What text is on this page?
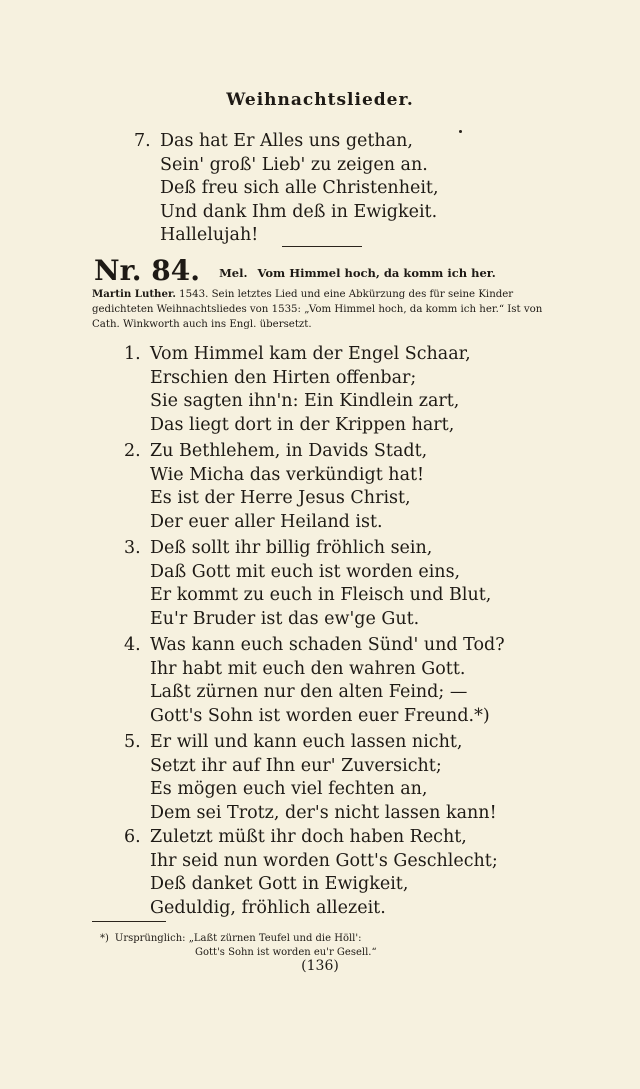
Weihnachtslieder.
7. Das hat Er Alles uns gethan,
Sein' groß' Lieb' zu zeigen an.
Deß freu sich alle Christenheit,
Und dank Ihm deß in Ewigkeit.
Hallelujah!
Nr. 84. Mel. Vom Himmel hoch, da komm ich her.
Martin Luther. 1543. Sein letztes Lied und eine Abkürzung des für seine Kinder gedichteten Weihnachtsliedes von 1535: „Vom Himmel hoch, da komm ich her.“ Ist von Cath. Winkworth auch ins Engl. übersetzt.
1. Vom Himmel kam der Engel Schaar,
Erschien den Hirten offenbar;
Sie sagten ihn'n: Ein Kindlein zart,
Das liegt dort in der Krippen hart,
2. Zu Bethlehem, in Davids Stadt,
Wie Micha das verkündigt hat!
Es ist der Herre Jesus Christ,
Der euer aller Heiland ist.
3. Deß sollt ihr billig fröhlich sein,
Daß Gott mit euch ist worden eins,
Er kommt zu euch in Fleisch und Blut,
Eu'r Bruder ist das ew'ge Gut.
4. Was kann euch schaden Sünd' und Tod?
Ihr habt mit euch den wahren Gott.
Laßt zürnen nur den alten Feind; —
Gott's Sohn ist worden euer Freund.*)
5. Er will und kann euch lassen nicht,
Setzt ihr auf Ihn eur' Zuversicht;
Es mögen euch viel fechten an,
Dem sei Trotz, der's nicht lassen kann!
6. Zuletzt müßt ihr doch haben Recht,
Ihr seid nun worden Gott's Geschlecht;
Deß danket Gott in Ewigkeit,
Geduldig, fröhlich allezeit.
*) Ursprünglich: „Laßt zürnen Teufel und die Höll':
Gott's Sohn ist worden eu'r Gesell.“
(136)
